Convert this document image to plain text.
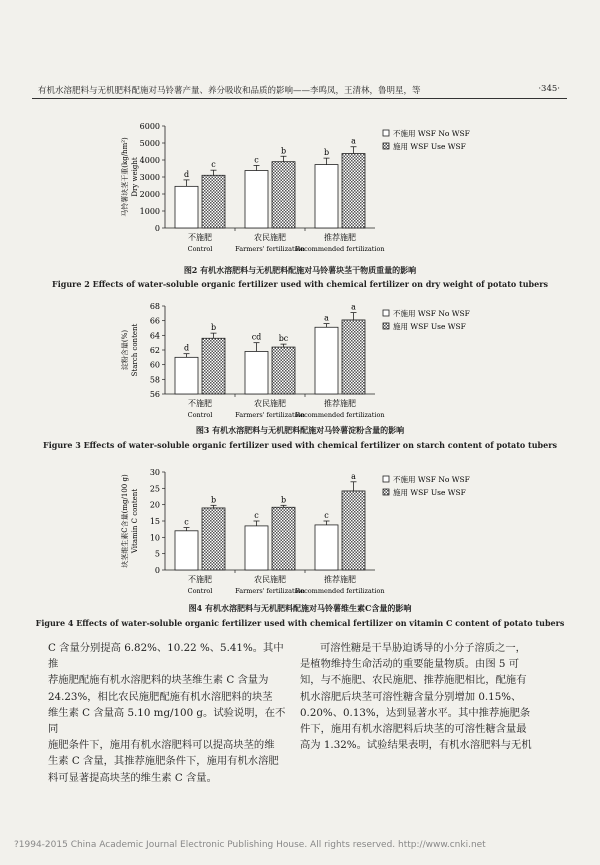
有机水溶肥料与无机肥料配施对马铃薯产量、养分吸收和品质的影响——李鸣凤，王清林，鲁明星，等	·345·
0
1000
2000
3000
4000
5000
6000
马铃薯块茎干重(kg/hm²) Dry weight	d
c
不施肥
Control
c
b
农民施肥
Farmers' fertilization
b
a
推荐施肥
Recommended fertilization
不施用 WSF No WSF
施用 WSF Use WSF
图2 有机水溶肥料与无机肥料配施对马铃薯块茎干物质重量的影响
Figure 2 Effects of water-soluble organic fertilizer used with chemical fertilizer on dry weight of potato tubers
56
58
60
62
64
66
68
淀粉含量(%) Starch content	d
b
不施肥
Control
cd bc
农民施肥
Farmers' fertilization
a
a
推荐施肥
Recommended fertilization
不施用 WSF No WSF
施用 WSF Use WSF
图3 有机水溶肥料与无机肥料配施对马铃薯淀粉含量的影响
Figure 3 Effects of water-soluble organic fertilizer used with chemical fertilizer on starch content of potato tubers
0
5
10
15
20
25
30
块茎维生素C含量(mg/100 g) Vitamin C content	c
b
不施肥
Control
c
b
农民施肥
Farmers' fertilization
c
a
推荐施肥
Recommended fertilization
不施用 WSF No WSF
施用 WSF Use WSF
图4 有机水溶肥料与无机肥料配施对马铃薯维生素C含量的影响
Figure 4 Effects of water-soluble organic fertilizer used with chemical fertilizer on vitamin C content of potato tubers

C 含量分别提高 6.82%、10.22 %、5.41%。其中推

荐施肥配施有机水溶肥料的块茎维生素 C 含量为

24.23%，相比农民施肥配施有机水溶肥料的块茎

维生素 C 含量高 5.10 mg/100 g。试验说明，在不同

施肥条件下，施用有机水溶肥料可以提高块茎的维

生素 C 含量，其推荐施肥条件下，施用有机水溶肥

料可显著提高块茎的维生素 C 含量。

可溶性糖是干旱胁迫诱导的小分子溶质之一，

是植物维持生命活动的重要能量物质。由图 5 可

知，与不施肥、农民施肥、推荐施肥相比，配施有

机水溶肥后块茎可溶性糖含量分别增加 0.15%、

0.20%、0.13%，达到显著水平。其中推荐施肥条

件下，施用有机水溶肥料后块茎的可溶性糖含量最

高为 1.32%。试验结果表明，有机水溶肥料与无机

?1994-2015 China Academic Journal Electronic Publishing House. All rights reserved. http://www.cnki.net
